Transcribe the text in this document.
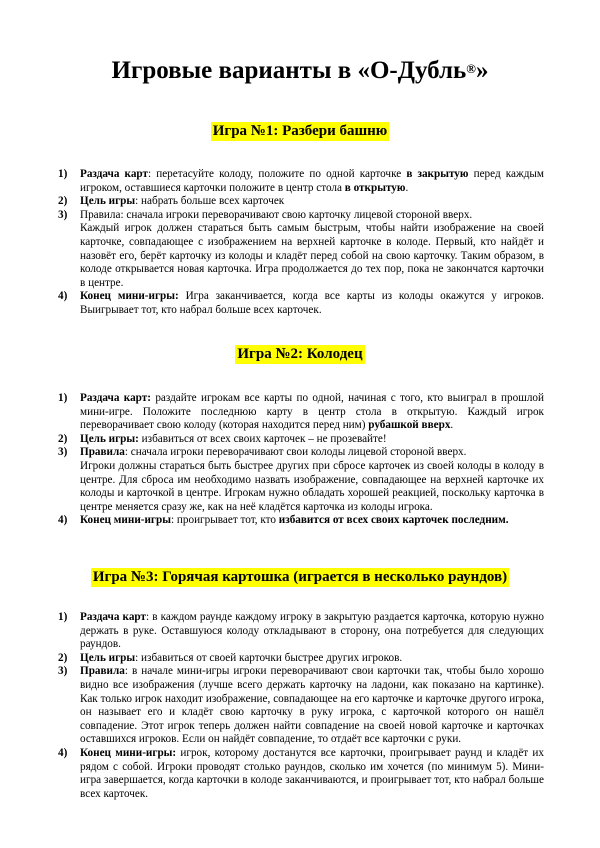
Игровые варианты в «О-Дубль®»
Игра №1: Разбери башню
1) Раздача карт: перетасуйте колоду, положите по одной карточке в закрытую перед каждым игроком, оставшиеся карточки положите в центр стола в открытую.
2) Цель игры: набрать больше всех карточек
3) Правила: сначала игроки переворачивают свою карточку лицевой стороной вверх.
Каждый игрок должен стараться быть самым быстрым, чтобы найти изображение на своей карточке, совпадающее с изображением на верхней карточке в колоде. Первый, кто найдёт и назовёт его, берёт карточку из колоды и кладёт перед собой на свою карточку. Таким образом, в колоде открывается новая карточка. Игра продолжается до тех пор, пока не закончатся карточки в центре.
4) Конец мини-игры: Игра заканчивается, когда все карты из колоды окажутся у игроков. Выигрывает тот, кто набрал больше всех карточек.
Игра №2: Колодец
1) Раздача карт: раздайте игрокам все карты по одной, начиная с того, кто выиграл в прошлой мини-игре. Положите последнюю карту в центр стола в открытую. Каждый игрок переворачивает свою колоду (которая находится перед ним) рубашкой вверх.
2) Цель игры: избавиться от всех своих карточек – не прозевайте!
3) Правила: сначала игроки переворачивают свои колоды лицевой стороной вверх.
Игроки должны стараться быть быстрее других при сбросе карточек из своей колоды в колоду в центре. Для сброса им необходимо назвать изображение, совпадающее на верхней карточке их колоды и карточкой в центре. Игрокам нужно обладать хорошей реакцией, поскольку карточка в центре меняется сразу же, как на неё кладётся карточка из колоды игрока.
4) Конец мини-игры: проигрывает тот, кто избавится от всех своих карточек последним.
Игра №3: Горячая картошка (играется в несколько раундов)
1) Раздача карт: в каждом раунде каждому игроку в закрытую раздается карточка, которую нужно держать в руке. Оставшуюся колоду откладывают в сторону, она потребуется для следующих раундов.
2) Цель игры: избавиться от своей карточки быстрее других игроков.
3) Правила: в начале мини-игры игроки переворачивают свои карточки так, чтобы было хорошо видно все изображения (лучше всего держать карточку на ладони, как показано на картинке). Как только игрок находит изображение, совпадающее на его карточке и карточке другого игрока, он называет его и кладёт свою карточку в руку игрока, с карточкой которого он нашёл совпадение. Этот игрок теперь должен найти совпадение на своей новой карточке и карточках оставшихся игроков. Если он найдёт совпадение, то отдаёт все карточки с руки.
4) Конец мини-игры: игрок, которому достанутся все карточки, проигрывает раунд и кладёт их рядом с собой. Игроки проводят столько раундов, сколько им хочется (по минимум 5). Мини-игра завершается, когда карточки в колоде заканчиваются, и проигрывает тот, кто набрал больше всех карточек.
